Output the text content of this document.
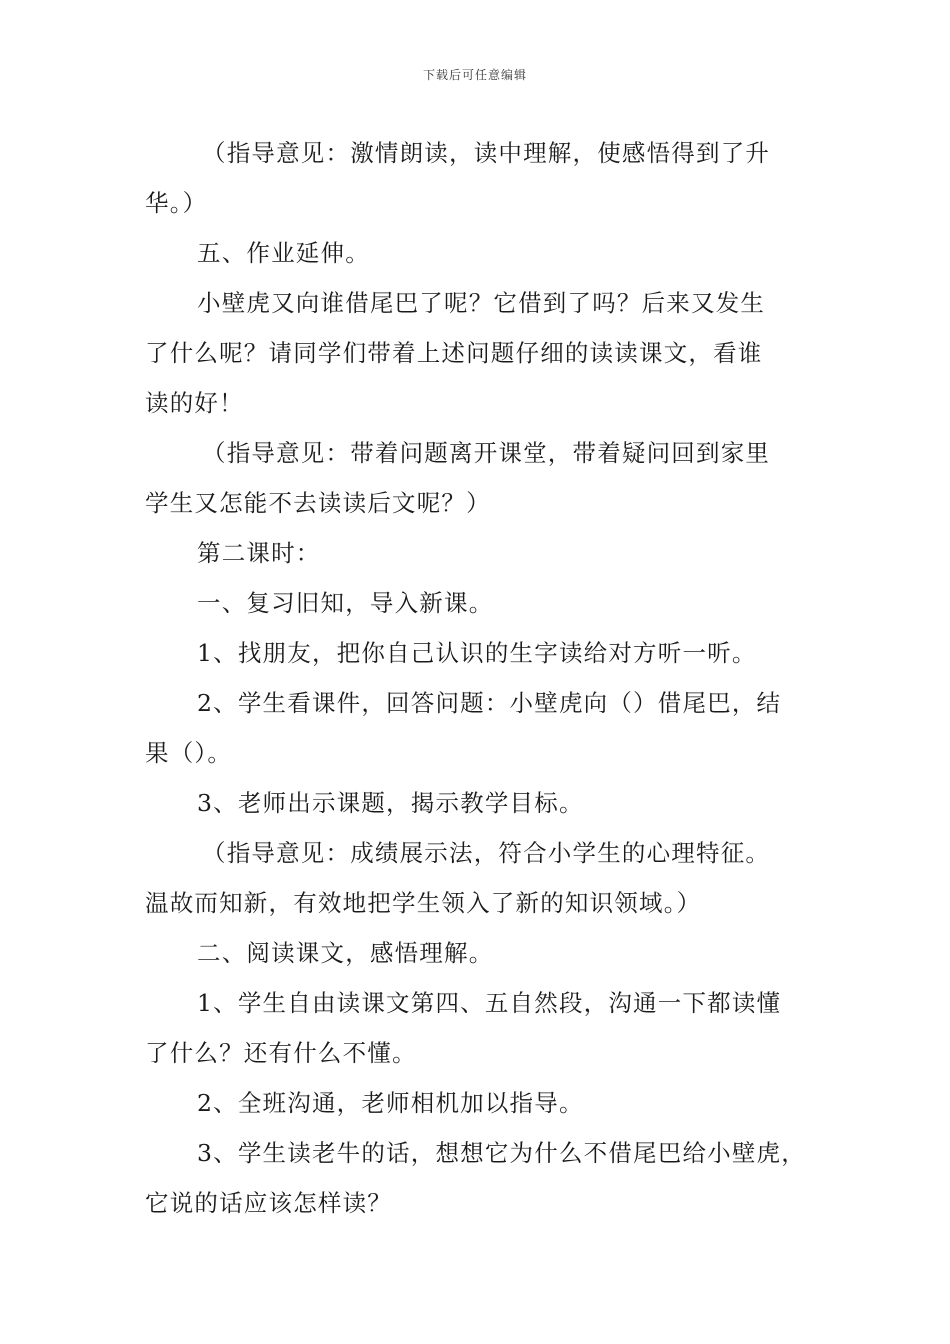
下载后可任意编辑
（指导意见：激情朗读，读中理解，使感悟得到了升
华。）
五、作业延伸。
小壁虎又向谁借尾巴了呢？它借到了吗？后来又发生
了什么呢？请同学们带着上述问题仔细的读读课文，看谁
读的好！
（指导意见：带着问题离开课堂，带着疑问回到家里
学生又怎能不去读读后文呢？）
第二课时：
一、复习旧知，导入新课。
1、找朋友，把你自己认识的生字读给对方听一听。
2、学生看课件，回答问题：小壁虎向（）借尾巴，结
果（）。
3、老师出示课题，揭示教学目标。
（指导意见：成绩展示法，符合小学生的心理特征。
温故而知新，有效地把学生领入了新的知识领域。）
二、阅读课文，感悟理解。
1、学生自由读课文第四、五自然段，沟通一下都读懂
了什么？还有什么不懂。
2、全班沟通，老师相机加以指导。
3、学生读老牛的话，想想它为什么不借尾巴给小壁虎，
它说的话应该怎样读？
